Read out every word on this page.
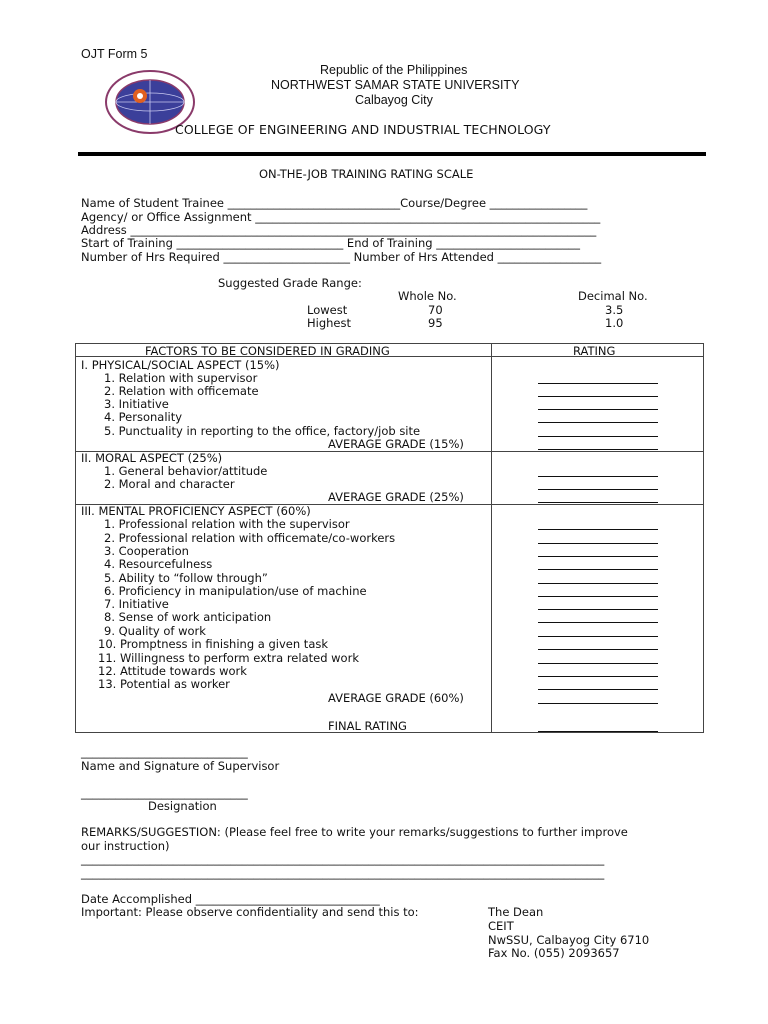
OJT Form 5
Republic of the Philippines
NORTHWEST SAMAR STATE UNIVERSITY
Calbayog City
COLLEGE OF ENGINEERING AND INDUSTRIAL TECHNOLOGY
ON-THE-JOB TRAINING RATING SCALE
Name of Student Trainee ______________________________Course/Degree _________________
Agency/ or Office Assignment ____________________________________________________________
Address _________________________________________________________________________________
Start of Training _____________________________ End of Training _________________________
Number of Hrs Required ______________________ Number of Hrs Attended __________________
Suggested Grade Range:
Whole No.	Decimal No.
Lowest	70	3.5
Highest	95	1.0
FACTORS TO BE CONSIDERED IN GRADING	RATING
I. PHYSICAL/SOCIAL ASPECT (15%)
1. Relation with supervisor
2. Relation with officemate
3. Initiative
4. Personality
5. Punctuality in reporting to the office, factory/job site
AVERAGE GRADE (15%)
II. MORAL ASPECT (25%)
1. General behavior/attitude
2. Moral and character
AVERAGE GRADE (25%)
III. MENTAL PROFICIENCY ASPECT (60%)
1. Professional relation with the supervisor
2. Professional relation with officemate/co-workers
3. Cooperation
4. Resourcefulness
5. Ability to “follow through”
6. Proficiency in manipulation/use of machine
7. Initiative
8. Sense of work anticipation
9. Quality of work
10. Promptness in finishing a given task
11. Willingness to perform extra related work
12. Attitude towards work
13. Potential as worker
AVERAGE GRADE (60%)
FINAL RATING
_____________________________
Name and Signature of Supervisor
_____________________________
Designation
REMARKS/SUGGESTION: (Please feel free to write your remarks/suggestions to further improve
our instruction)
___________________________________________________________________________________________
___________________________________________________________________________________________
Date Accomplished ________________________________
Important: Please observe confidentiality and send this to:	The Dean
CEIT
NwSSU, Calbayog City 6710
Fax No. (055) 2093657
